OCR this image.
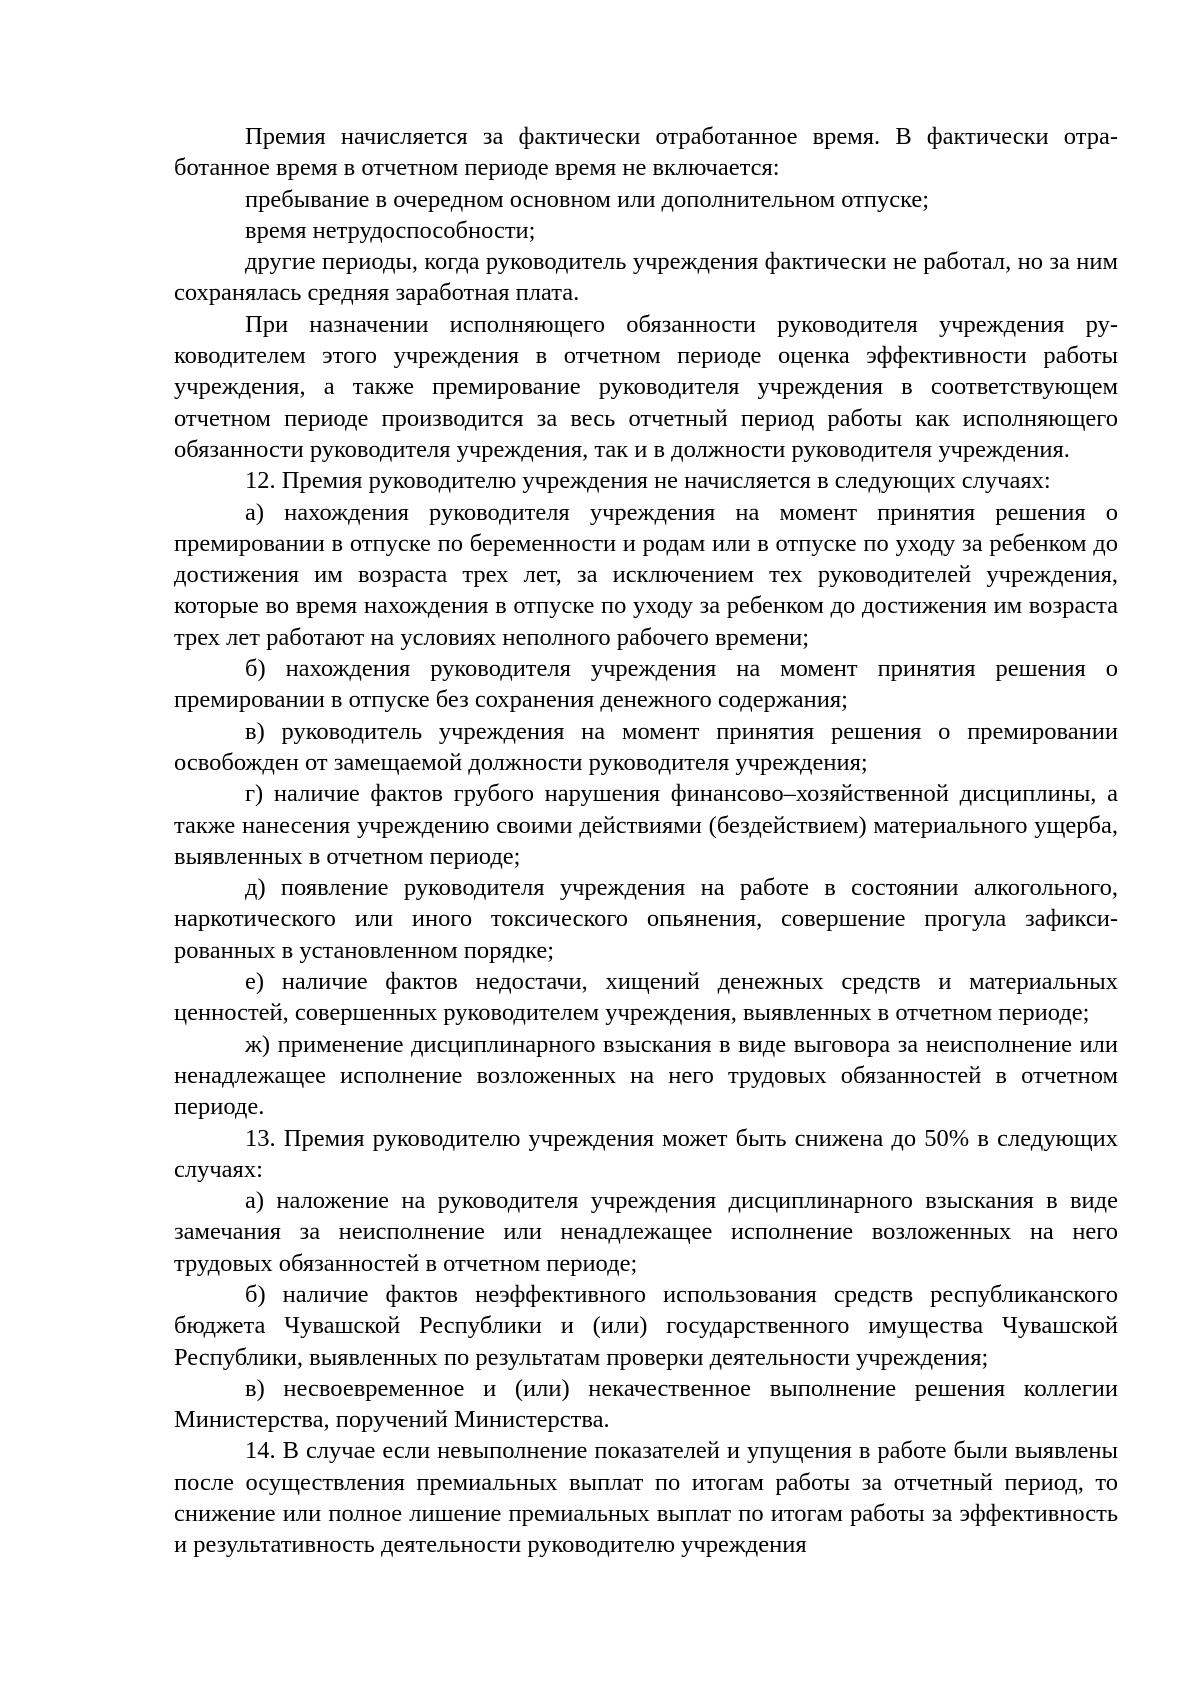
Премия начисляется за фактически отработанное время. В фактически отработанное время в отчетном периоде время не включается:

пребывание в очередном основном или дополнительном отпуске;

время нетрудоспособности;

другие периоды, когда руководитель учреждения фактически не работал, но за ним сохранялась средняя заработная плата.

При назначении исполняющего обязанности руководителя учреждения руководителем этого учреждения в отчетном периоде оценка эффективности работы учреждения, а также премирование руководителя учреждения в соответствующем отчетном периоде производится за весь отчетный период работы как исполняющего обязанности руководителя учреждения, так и в должности руководителя учреждения.

12. Премия руководителю учреждения не начисляется в следующих случаях:

а) нахождения руководителя учреждения на момент принятия решения о премировании в отпуске по беременности и родам или в отпуске по уходу за ребенком до достижения им возраста трех лет, за исключением тех руководителей учреждения, которые во время нахождения в отпуске по уходу за ребенком до достижения им возраста трех лет работают на условиях неполного рабочего времени;

б) нахождения руководителя учреждения на момент принятия решения о премировании в отпуске без сохранения денежного содержания;

в) руководитель учреждения на момент принятия решения о премировании освобожден от замещаемой должности руководителя учреждения;

г) наличие фактов грубого нарушения финансово–хозяйственной дисциплины, а также нанесения учреждению своими действиями (бездействием) материального ущерба, выявленных в отчетном периоде;

д) появление руководителя учреждения на работе в состоянии алкогольного, наркотического или иного токсического опьянения, совершение прогула зафиксированных в установленном порядке;

е) наличие фактов недостачи, хищений денежных средств и материальных ценностей, совершенных руководителем учреждения, выявленных в отчетном периоде;

ж) применение дисциплинарного взыскания в виде выговора за неисполнение или ненадлежащее исполнение возложенных на него трудовых обязанностей в отчетном периоде.

13. Премия руководителю учреждения может быть снижена до 50% в следующих случаях:

а) наложение на руководителя учреждения дисциплинарного взыскания в виде замечания за неисполнение или ненадлежащее исполнение возложенных на него трудовых обязанностей в отчетном периоде;

б) наличие фактов неэффективного использования средств республиканского бюджета Чувашской Республики и (или) государственного имущества Чувашской Республики, выявленных по результатам проверки деятельности учреждения;

в) несвоевременное и (или) некачественное выполнение решения коллегии Министерства, поручений Министерства.

14. В случае если невыполнение показателей и упущения в работе были выявлены после осуществления премиальных выплат по итогам работы за отчетный период, то снижение или полное лишение премиальных выплат по итогам работы за эффективность и результативность деятельности руководителю учреждения
